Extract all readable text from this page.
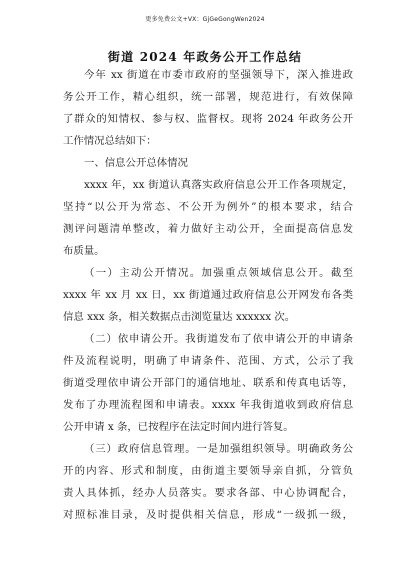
更多免费公文+VX：GjGeGongWen2024
街道 2024 年政务公开工作总结
今年 xx 街道在市委市政府的坚强领导下，深入推进政
务公开工作，精心组织，统一部署，规范进行，有效保障
了群众的知情权、参与权、监督权。现将 2024 年政务公开
工作情况总结如下：
一、信息公开总体情况
xxxx 年，xx 街道认真落实政府信息公开工作各项规定，
坚持“以公开为常态、不公开为例外”的根本要求，结合
测评问题清单整改，着力做好主动公开，全面提高信息发
布质量。
（一）主动公开情况。加强重点领域信息公开。截至
xxxx 年 xx 月 xx 日，xx 街道通过政府信息公开网发布各类
信息 xxx 条，相关数据点击浏览量达 xxxxxx 次。
（二）依申请公开。我街道发布了依申请公开的申请条
件及流程说明，明确了申请条件、范围、方式，公示了我
街道受理依申请公开部门的通信地址、联系和传真电话等，
发布了办理流程图和申请表。xxxx 年我街道收到政府信息
公开申请 x 条，已按程序在法定时间内进行答复。
（三）政府信息管理。一是加强组织领导。明确政务公
开的内容、形式和制度，由街道主要领导亲自抓，分管负
责人具体抓，经办人员落实。要求各部、中心协调配合，
对照标准目录，及时提供相关信息，形成“一级抓一级，
